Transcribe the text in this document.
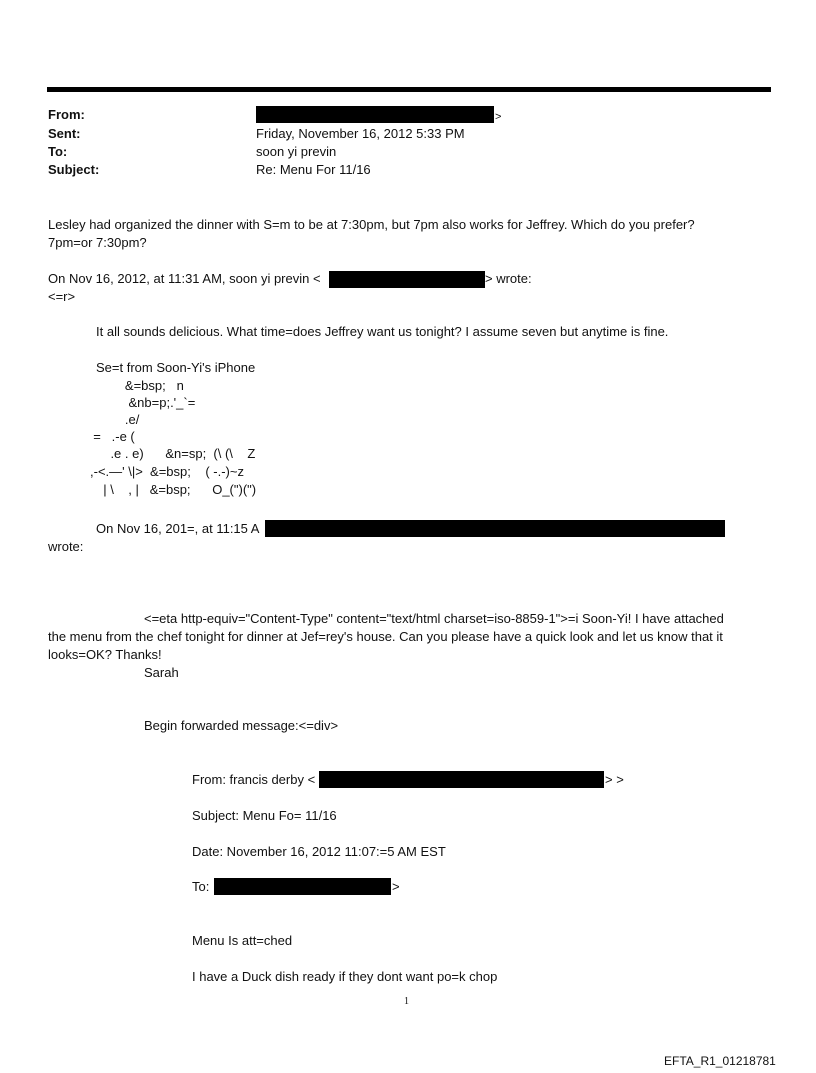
From:	>
Sent:	Friday, November 16, 2012 5:33 PM
To:	soon yi previn
Subject:	Re: Menu For 11/16
Lesley had organized the dinner with S=m to be at 7:30pm, but 7pm also works for Jeffrey. Which do you prefer?
7pm=or 7:30pm?
On Nov 16, 2012, at 11:31 AM, soon yi previn <	> wrote:
<=r>
It all sounds delicious. What time=does Jeffrey want us tonight? I assume seven but anytime is fine.
Se=t from Soon-Yi's iPhone
&=bsp;   n
&nb=p;.'_`=
.e/
=   .-e (
.e . e)      &n=sp;  (\ (\    Z
,-<.—' \|>  &=bsp;    ( -.-)~z
| \    , |   &=bsp;      O_(")(")
On Nov 16, 201=, at 11:15 A
wrote:
<=eta http-equiv="Content-Type" content="text/html charset=iso-8859-1">=i Soon-Yi! I have attached
the menu from the chef tonight for dinner at Jef=rey's house. Can you please have a quick look and let us know that it
looks=OK? Thanks!
Sarah
Begin forwarded message:<=div>
From: francis derby <	> >
Subject: Menu Fo= 11/16
Date: November 16, 2012 11:07:=5 AM EST
To:	>
Menu Is att=ched
I have a Duck dish ready if they dont want po=k chop
1
EFTA_R1_01218781
